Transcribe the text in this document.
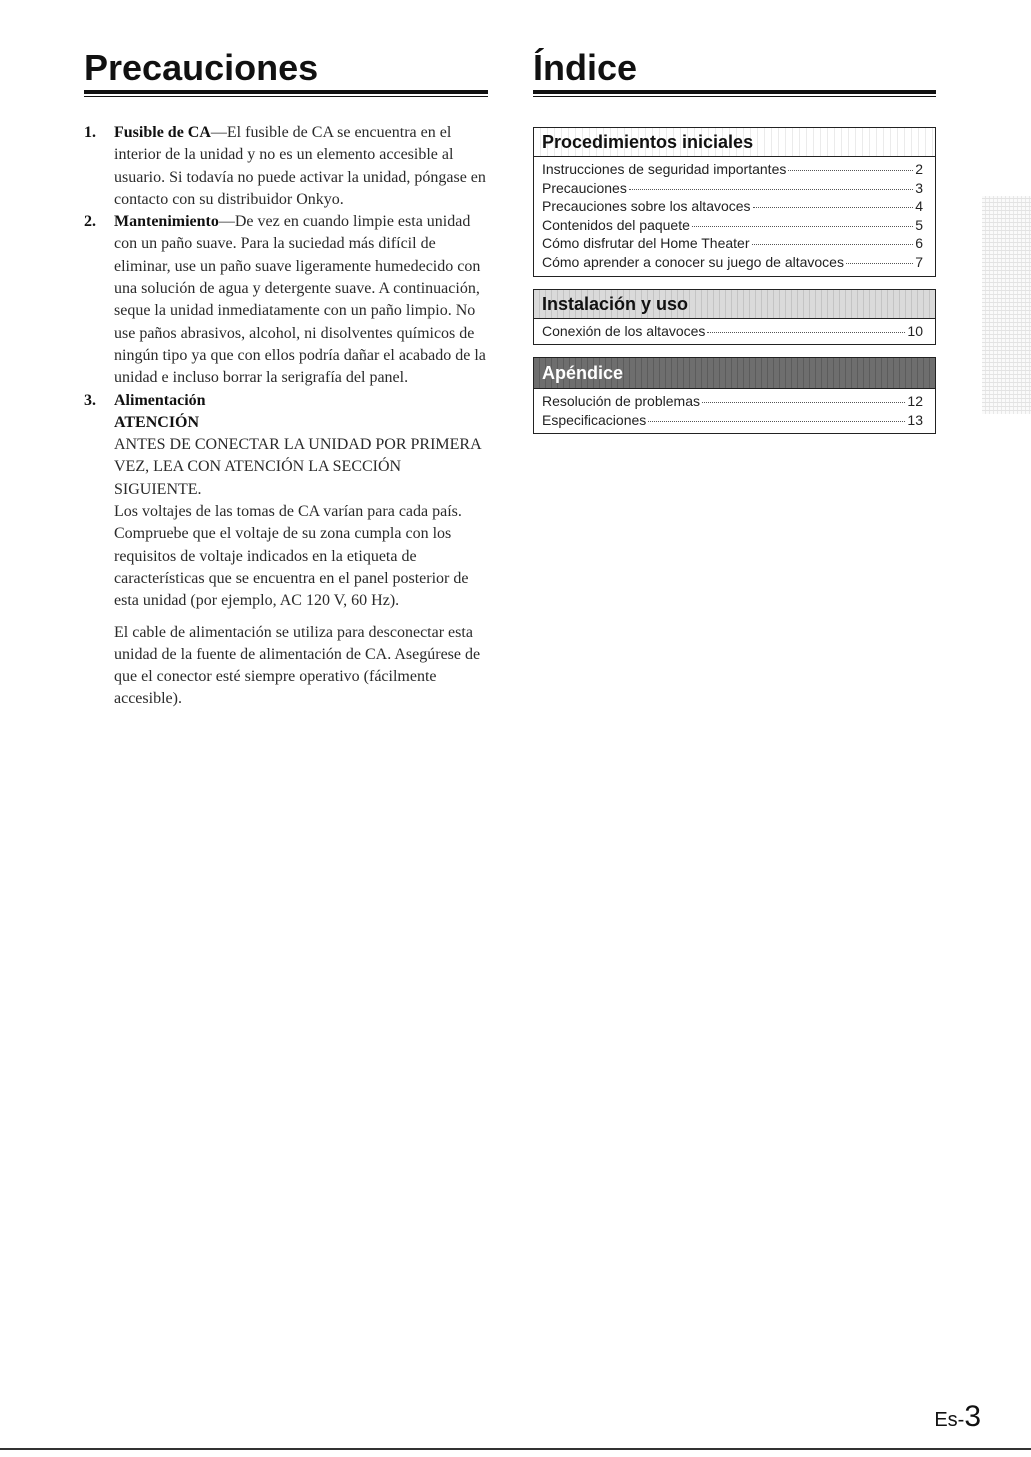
Precauciones	Índice
1. Fusible de CA—El fusible de CA se encuentra en el interior de la unidad y no es un elemento accesible al usuario. Si todavía no puede activar la unidad, póngase en contacto con su distribuidor Onkyo.

2. Mantenimiento—De vez en cuando limpie esta unidad con un paño suave. Para la suciedad más difícil de eliminar, use un paño suave ligeramente humedecido con una solución de agua y detergente suave. A continuación, seque la unidad inmediatamente con un paño limpio. No use paños abrasivos, alcohol, ni disolventes químicos de ningún tipo ya que con ellos podría dañar el acabado de la unidad e incluso borrar la serigrafía del panel.

3. Alimentación

ATENCIÓN

ANTES DE CONECTAR LA UNIDAD POR PRIMERA VEZ, LEA CON ATENCIÓN LA SECCIÓN SIGUIENTE.

Los voltajes de las tomas de CA varían para cada país. Compruebe que el voltaje de su zona cumpla con los requisitos de voltaje indicados en la etiqueta de características que se encuentra en el panel posterior de esta unidad (por ejemplo, AC 120 V, 60 Hz).

El cable de alimentación se utiliza para desconectar esta unidad de la fuente de alimentación de CA. Asegúrese de que el conector esté siempre operativo (fácilmente accesible).

Procedimientos iniciales
Instrucciones de seguridad importantes	2
Precauciones	3
Precauciones sobre los altavoces	4
Contenidos del paquete	5
Cómo disfrutar del Home Theater	6
Cómo aprender a conocer su juego de altavoces	7
Instalación y uso
Conexión de los altavoces	10
Apéndice
Resolución de problemas	12
Especificaciones	13
Es-3
